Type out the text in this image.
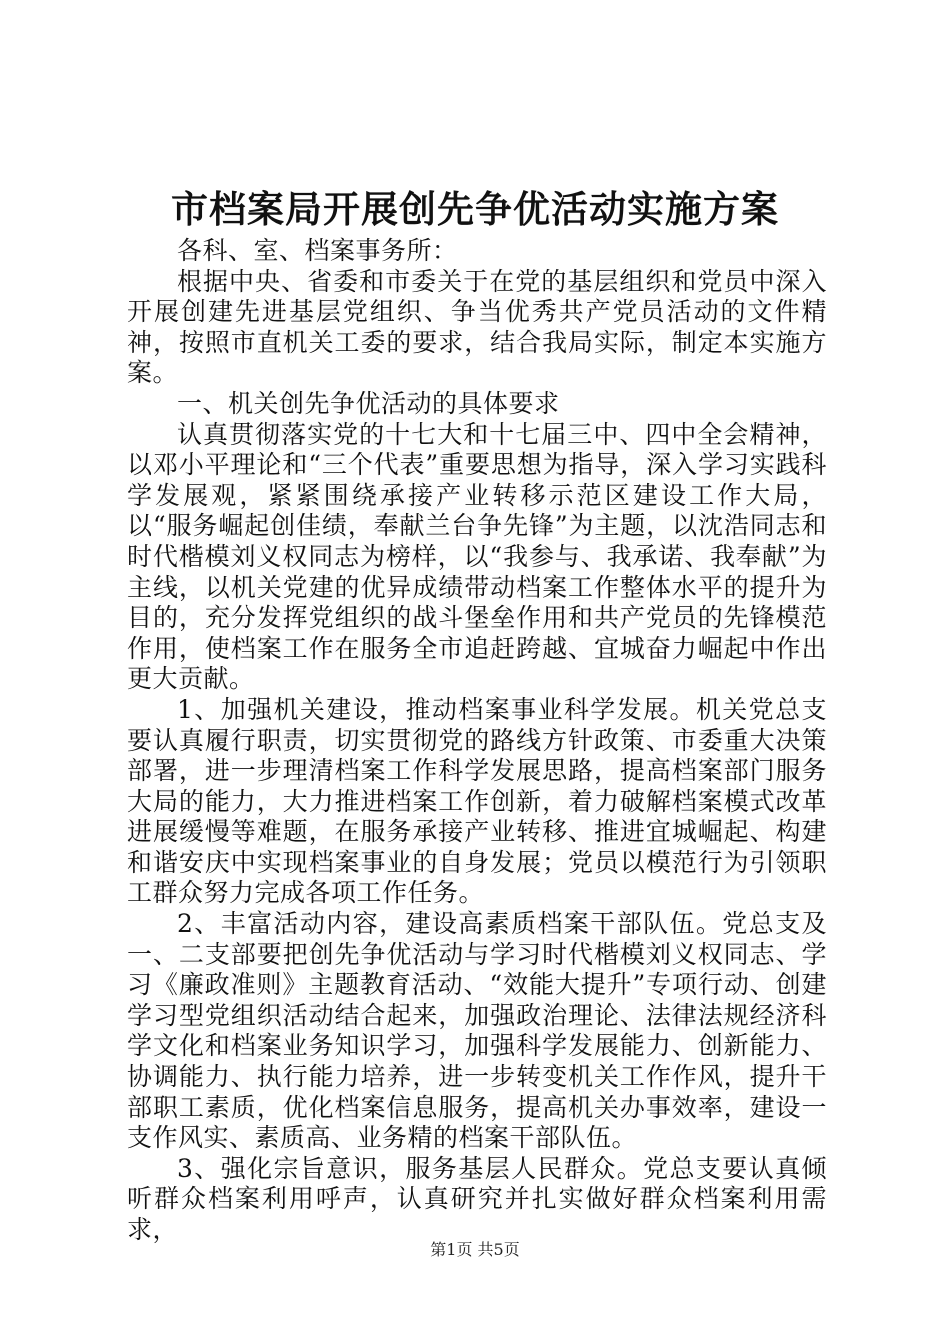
市档案局开展创先争优活动实施方案

各科、室、档案事务所：

根据中央、省委和市委关于在党的基层组织和党员中深入开展创建先进基层党组织、争当优秀共产党员活动的文件精神，按照市直机关工委的要求，结合我局实际，制定本实施方案。

一、机关创先争优活动的具体要求

认真贯彻落实党的十七大和十七届三中、四中全会精神，以邓小平理论和“三个代表”重要思想为指导，深入学习实践科学发展观，紧紧围绕承接产业转移示范区建设工作大局，以“服务崛起创佳绩，奉献兰台争先锋”为主题，以沈浩同志和时代楷模刘义权同志为榜样，以“我参与、我承诺、我奉献”为主线，以机关党建的优异成绩带动档案工作整体水平的提升为目的，充分发挥党组织的战斗堡垒作用和共产党员的先锋模范作用，使档案工作在服务全市追赶跨越、宜城奋力崛起中作出更大贡献。

1、加强机关建设，推动档案事业科学发展。机关党总支要认真履行职责，切实贯彻党的路线方针政策、市委重大决策部署，进一步理清档案工作科学发展思路，提高档案部门服务大局的能力，大力推进档案工作创新，着力破解档案模式改革进展缓慢等难题，在服务承接产业转移、推进宜城崛起、构建和谐安庆中实现档案事业的自身发展；党员以模范行为引领职工群众努力完成各项工作任务。

2、丰富活动内容，建设高素质档案干部队伍。党总支及一、二支部要把创先争优活动与学习时代楷模刘义权同志、学习《廉政准则》主题教育活动、“效能大提升”专项行动、创建学习型党组织活动结合起来，加强政治理论、法律法规经济科学文化和档案业务知识学习，加强科学发展能力、创新能力、协调能力、执行能力培养，进一步转变机关工作作风，提升干部职工素质，优化档案信息服务，提高机关办事效率，建设一支作风实、素质高、业务精的档案干部队伍。

3、强化宗旨意识，服务基层人民群众。党总支要认真倾听群众档案利用呼声，认真研究并扎实做好群众档案利用需求，

第1页 共5页
